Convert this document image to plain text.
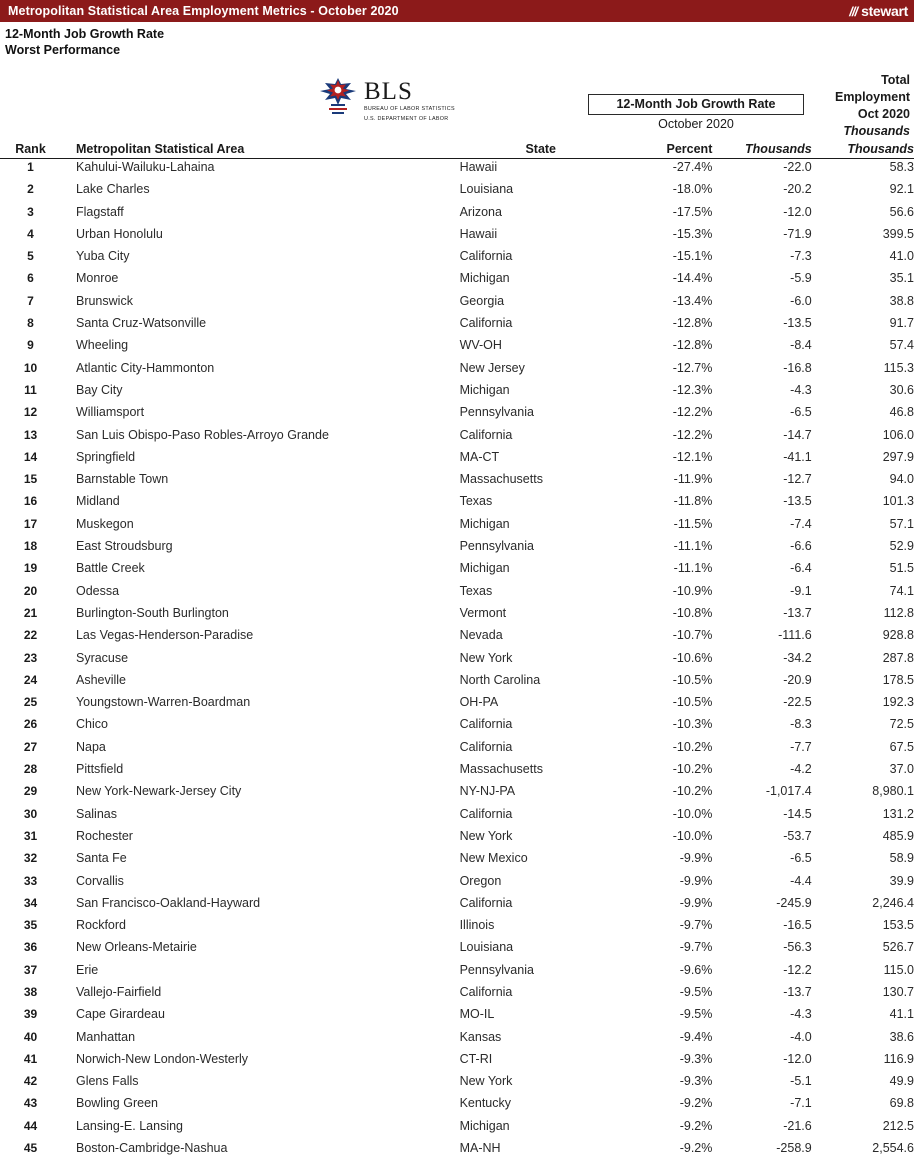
Metropolitan Statistical Area Employment Metrics - October 2020	/// stewart
12-Month Job Growth Rate
Worst Performance
BLS
BUREAU OF LABOR STATISTICS
U.S. DEPARTMENT OF LABOR
12-Month Job Growth Rate
October 2020
Total
Employment
Oct 2020
Thousands
Rank	Metropolitan Statistical Area	State	Percent	Thousands	Thousands
1	Kahului-Wailuku-Lahaina	Hawaii	-27.4%	-22.0	58.3
2	Lake Charles	Louisiana	-18.0%	-20.2	92.1
3	Flagstaff	Arizona	-17.5%	-12.0	56.6
4	Urban Honolulu	Hawaii	-15.3%	-71.9	399.5
5	Yuba City	California	-15.1%	-7.3	41.0
6	Monroe	Michigan	-14.4%	-5.9	35.1
7	Brunswick	Georgia	-13.4%	-6.0	38.8
8	Santa Cruz-Watsonville	California	-12.8%	-13.5	91.7
9	Wheeling	WV-OH	-12.8%	-8.4	57.4
10	Atlantic City-Hammonton	New Jersey	-12.7%	-16.8	115.3
11	Bay City	Michigan	-12.3%	-4.3	30.6
12	Williamsport	Pennsylvania	-12.2%	-6.5	46.8
13	San Luis Obispo-Paso Robles-Arroyo Grande	California	-12.2%	-14.7	106.0
14	Springfield	MA-CT	-12.1%	-41.1	297.9
15	Barnstable Town	Massachusetts	-11.9%	-12.7	94.0
16	Midland	Texas	-11.8%	-13.5	101.3
17	Muskegon	Michigan	-11.5%	-7.4	57.1
18	East Stroudsburg	Pennsylvania	-11.1%	-6.6	52.9
19	Battle Creek	Michigan	-11.1%	-6.4	51.5
20	Odessa	Texas	-10.9%	-9.1	74.1
21	Burlington-South Burlington	Vermont	-10.8%	-13.7	112.8
22	Las Vegas-Henderson-Paradise	Nevada	-10.7%	-111.6	928.8
23	Syracuse	New York	-10.6%	-34.2	287.8
24	Asheville	North Carolina	-10.5%	-20.9	178.5
25	Youngstown-Warren-Boardman	OH-PA	-10.5%	-22.5	192.3
26	Chico	California	-10.3%	-8.3	72.5
27	Napa	California	-10.2%	-7.7	67.5
28	Pittsfield	Massachusetts	-10.2%	-4.2	37.0
29	New York-Newark-Jersey City	NY-NJ-PA	-10.2%	-1,017.4	8,980.1
30	Salinas	California	-10.0%	-14.5	131.2
31	Rochester	New York	-10.0%	-53.7	485.9
32	Santa Fe	New Mexico	-9.9%	-6.5	58.9
33	Corvallis	Oregon	-9.9%	-4.4	39.9
34	San Francisco-Oakland-Hayward	California	-9.9%	-245.9	2,246.4
35	Rockford	Illinois	-9.7%	-16.5	153.5
36	New Orleans-Metairie	Louisiana	-9.7%	-56.3	526.7
37	Erie	Pennsylvania	-9.6%	-12.2	115.0
38	Vallejo-Fairfield	California	-9.5%	-13.7	130.7
39	Cape Girardeau	MO-IL	-9.5%	-4.3	41.1
40	Manhattan	Kansas	-9.4%	-4.0	38.6
41	Norwich-New London-Westerly	CT-RI	-9.3%	-12.0	116.9
42	Glens Falls	New York	-9.3%	-5.1	49.9
43	Bowling Green	Kentucky	-9.2%	-7.1	69.8
44	Lansing-E. Lansing	Michigan	-9.2%	-21.6	212.5
45	Boston-Cambridge-Nashua	MA-NH	-9.2%	-258.9	2,554.6
